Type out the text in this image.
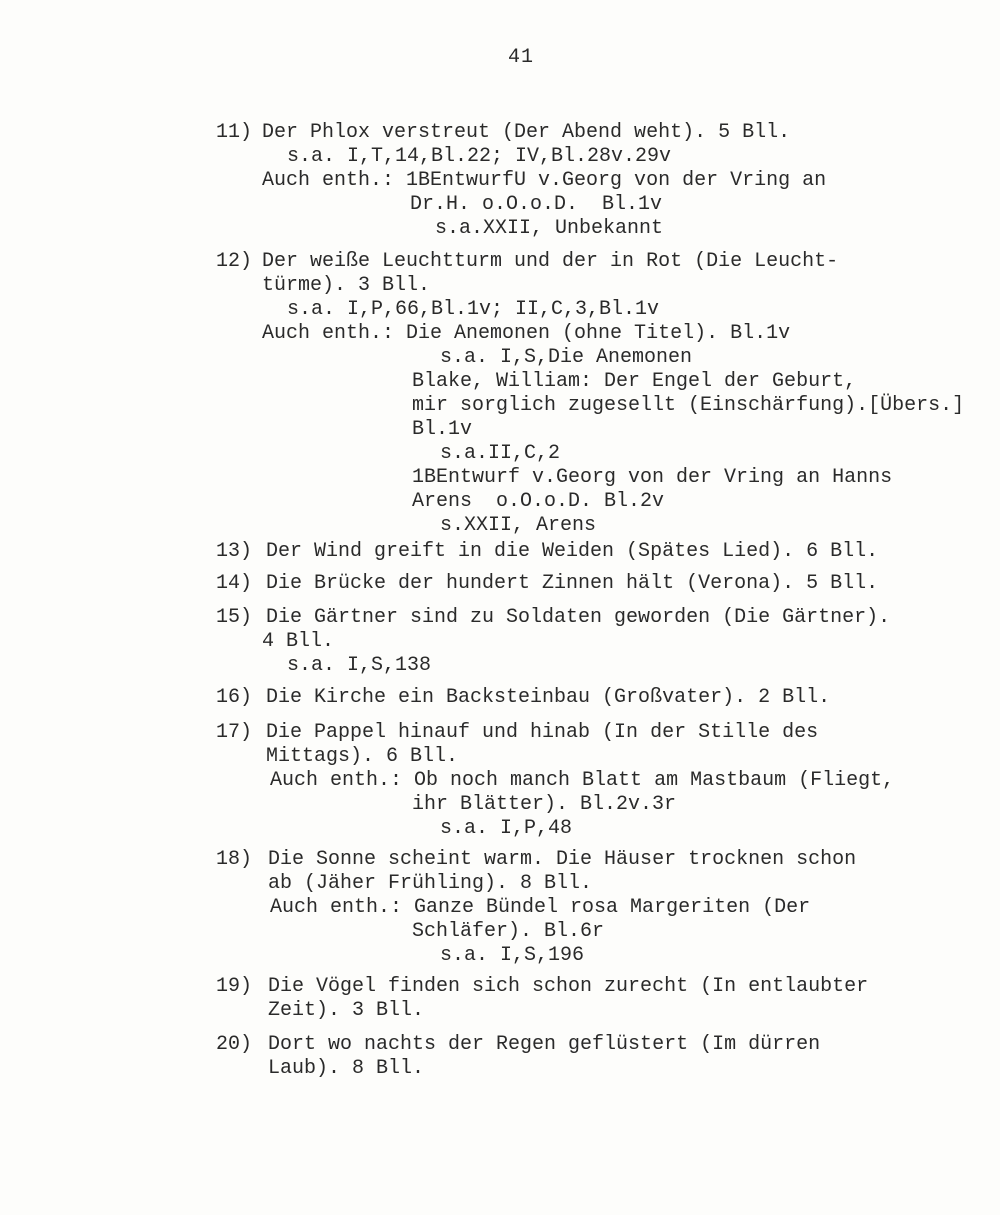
41
11) Der Phlox verstreut (Der Abend weht). 5 Bll.
s.a. I,T,14,Bl.22; IV,Bl.28v.29v
Auch enth.: 1BEntwurfU v.Georg von der Vring an
Dr.H. o.O.o.D.  Bl.1v
s.a.XXII, Unbekannt
12) Der weiße Leuchtturm und der in Rot (Die Leucht-
türme). 3 Bll.
s.a. I,P,66,Bl.1v; II,C,3,Bl.1v
Auch enth.: Die Anemonen (ohne Titel). Bl.1v
s.a. I,S,Die Anemonen
Blake, William: Der Engel der Geburt,
mir sorglich zugesellt (Einschärfung).[Übers.]
Bl.1v
s.a.II,C,2
1BEntwurf v.Georg von der Vring an Hanns
Arens  o.O.o.D. Bl.2v
s.XXII, Arens
13) Der Wind greift in die Weiden (Spätes Lied). 6 Bll.
14) Die Brücke der hundert Zinnen hält (Verona). 5 Bll.
15) Die Gärtner sind zu Soldaten geworden (Die Gärtner).
4 Bll.
s.a. I,S,138
16) Die Kirche ein Backsteinbau (Großvater). 2 Bll.
17) Die Pappel hinauf und hinab (In der Stille des
Mittags). 6 Bll.
Auch enth.: Ob noch manch Blatt am Mastbaum (Fliegt,
ihr Blätter). Bl.2v.3r
s.a. I,P,48
18) Die Sonne scheint warm. Die Häuser trocknen schon
ab (Jäher Frühling). 8 Bll.
Auch enth.: Ganze Bündel rosa Margeriten (Der
Schläfer). Bl.6r
s.a. I,S,196
19) Die Vögel finden sich schon zurecht (In entlaubter
Zeit). 3 Bll.
20) Dort wo nachts der Regen geflüstert (Im dürren
Laub). 8 Bll.
